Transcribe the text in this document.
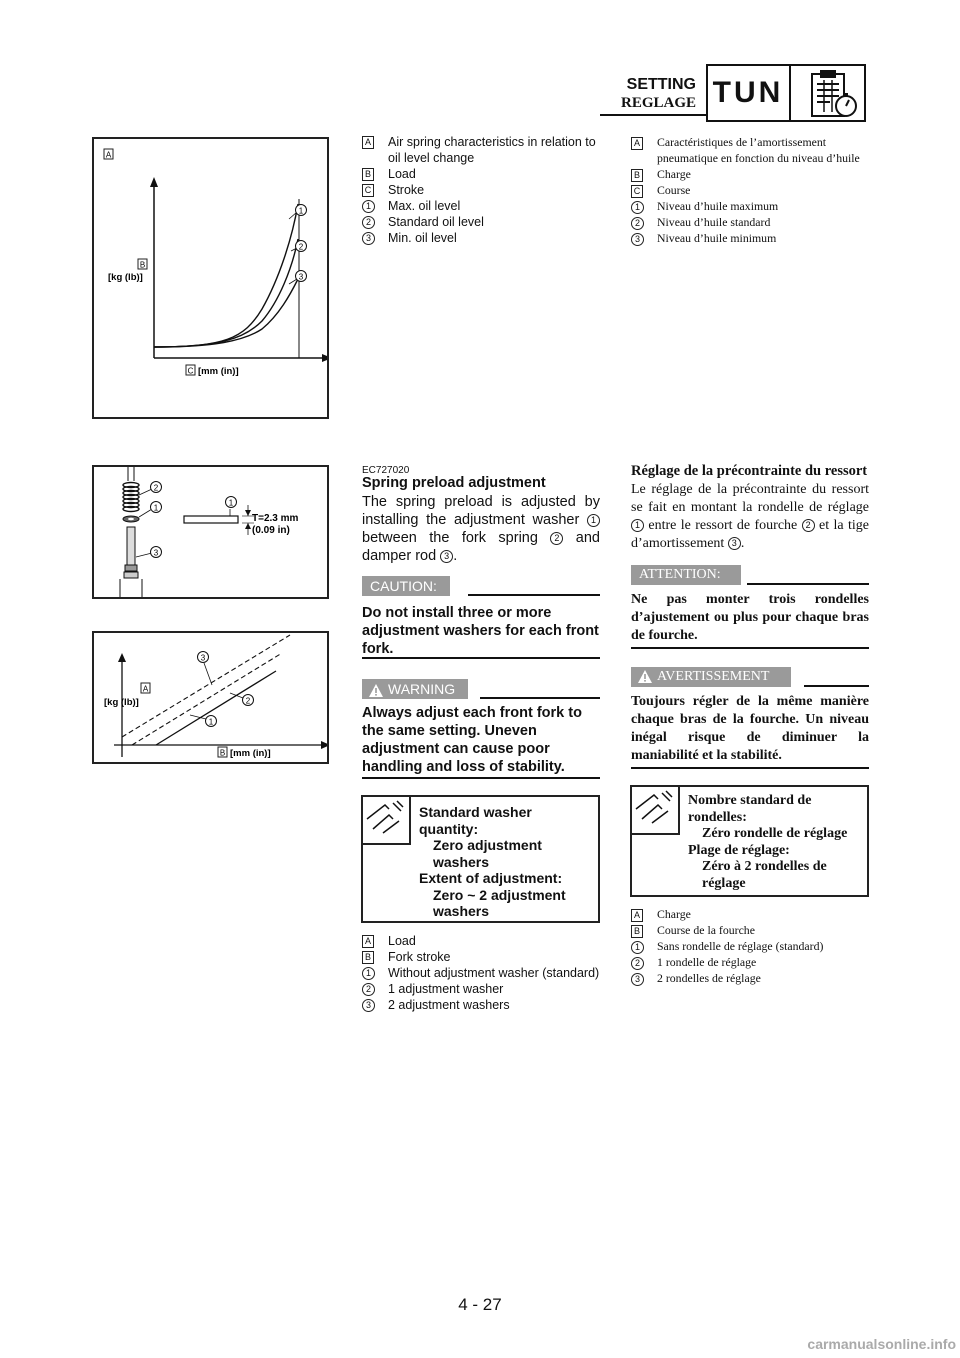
SETTING
REGLAGE TUN
A
1
2
3
B
[kg (lb)]
C [mm (in)]
A	Air spring characteristics in relation to oil level change
B	Load
C	Stroke
1	Max. oil level
2	Standard oil level
3	Min. oil level
A	Caractéristiques de l’amortissement pneumatique en fonction du niveau d’huile
B	Charge
C	Course
1	Niveau d’huile maximum
2	Niveau d’huile standard
3	Niveau d’huile minimum
2
1
3
1
T=2.3 mm
(0.09 in)
1
2
3
A
[kg (lb)]
B [mm (in)]
EC727020
Spring preload adjustment
The spring preload is adjusted by installing the adjustment washer 1 between the fork spring 2 and damper rod 3 .
CAUTION:
Do not install three or more adjustment washers for each front fork.
WARNING
Always adjust each front fork to the same setting. Uneven adjustment can cause poor handling and loss of stability.
Standard washer
quantity:
Zero adjustment
washers
Extent of adjustment:
Zero ~ 2 adjustment
washers
A	Load
B	Fork stroke
1	Without adjustment washer (standard)
2	1 adjustment washer
3	2 adjustment washers
Réglage de la précontrainte du ressort
Le réglage de la précontrainte du ressort se fait en montant la rondelle de réglage 1 entre le ressort de fourche 2 et la tige d’amortissement 3 .
ATTENTION:
Ne pas monter trois rondelles d’ajustement ou plus pour chaque bras de fourche.
AVERTISSEMENT
Toujours régler de la même manière chaque bras de la fourche. Un niveau inégal risque de diminuer la maniabilité et la stabilité.
Nombre standard de
rondelles:
Zéro rondelle de réglage
Plage de réglage:
Zéro à 2 rondelles de
réglage
A	Charge
B	Course de la fourche
1	Sans rondelle de réglage (standard)
2	1 rondelle de réglage
3	2 rondelles de réglage
4 - 27
carmanualsonline.info
